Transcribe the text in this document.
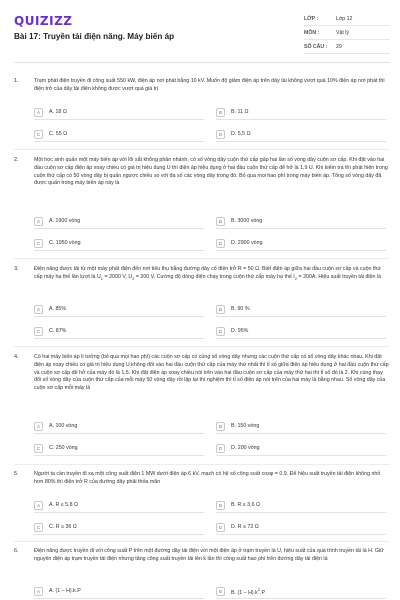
QUIZIZZ
Bài 17: Truyền tải điện năng. Máy biến áp
LỚP :	Lớp 12
MÔN :	Vật lý
SỐ CÂU :	29
1.	Trạm phát điện truyền đi công suất 550 kW, điện áp nơi phát bằng 10 kV. Muốn độ giảm điện áp trên dây tải không vượt quá 10% điện áp nơi phát thì điện trở của dây tải điện không được vượt quá giá trị
A	A. 18 Ω	B	B. 11 Ω
C	C. 55 Ω	D	D. 5,5 Ω
2.	Một học sinh quấn một máy biến áp với lõi sắt không phân nhánh, có số vòng dây cuộn thứ cấp gấp hai lần số vòng dây cuộn sơ cấp. Khi đặt vào hai đầu cuộn sơ cấp điện áp xoay chiều có giá trị hiệu dụng U thì điện áp hiệu dụng ở hai đầu cuộn thứ cấp để hở là 1,9 U. Khi kiểm tra thì phát hiện trong cuộn thứ cấp có 50 vòng dây bị quấn ngược chiều so với đa số các vòng dây trong đó. Bỏ qua mọi hao phí trong máy biến áp. Tổng số vòng dây đã được quấn trong máy biến áp này là
A	A. 1900 vòng	B	B. 3000 vòng
C	C. 1950 vòng	D	D. 2900 vòng
3.	Điện năng được tải từ một máy phát điện đến nơi tiêu thụ bằng đường dây có điện trở R = 50 Ω. Biết điện áp giữa hai đầu cuộn sơ cấp và cuộn thứ cấp máy hạ thế lần lượt là $U_1 = 2000$ V, $U_2 = 200$ V. Cường độ dòng điện chạy trong cuộn thứ cấp máy hạ thế $I_2 = 200A$. Hiệu suất truyền tải điện là
A	A. 85%	B	B. 90 %
C	C. 87%	D	D. 95%
4.	Có hai máy biến áp lí tưởng (bỏ qua mọi hao phí) các cuộn sơ cấp có cùng số vòng dây nhưng các cuộn thứ cấp có số vòng dây khác nhau. Khi đặt điện áp xoay chiều có giá trị hiệu dụng U không đổi vào hai đầu cuộn thứ cấp của máy thứ nhất thì tỉ số giữa điện áp hiệu dụng ở hai đầu cuộn thứ cấp và cuộn sơ cấp để hở của máy đó là 1,5. Khi đặt điện áp xoay chiều nói trên vào hai đầu cuộn sơ cấp của máy thứ hai thì tỉ số đó là 2. Khi cùng thay đổi số vòng dây của cuộn thứ cấp của mỗi máy 50 vòng dây rồi lặp lại thí nghiệm thì tỉ số điện áp nói trên của hai máy là bằng nhau. Số vòng dây của cuộn sơ cấp mỗi máy là
A	A. 100 vòng	B	B. 150 vòng
C	C. 250 vòng	D	D. 200 vòng
5.	Người ta cần truyền đi xa một công suất điện 1 MW dưới điện áp 6 kV, mạch có hệ số công suất cosφ = 0,9. Để hiệu suất truyền tải điện không nhỏ hơn 80% thì điện trở R của đường dây phải thỏa mãn
A	A. R ≤ 5,8 Ω	B	B. R ≤ 3,6 Ω
C	C. R ≤ 36 Ω	D	D. R ≤ 72 Ω
6.	Điện năng được truyền đi với công suất P trên một đường dây tải điện với một điện áp ở trạm truyền là U, hiệu suất của quá trình truyền tải là H. Giữ nguyên điện áp trạm truyền tải điện nhưng tăng công suất truyền tải lên k lần thì công suất hao phí trên đường dây tải điện là
A	A. (1 – H).k.P	B	B. $(1 - H).k^2.P$
